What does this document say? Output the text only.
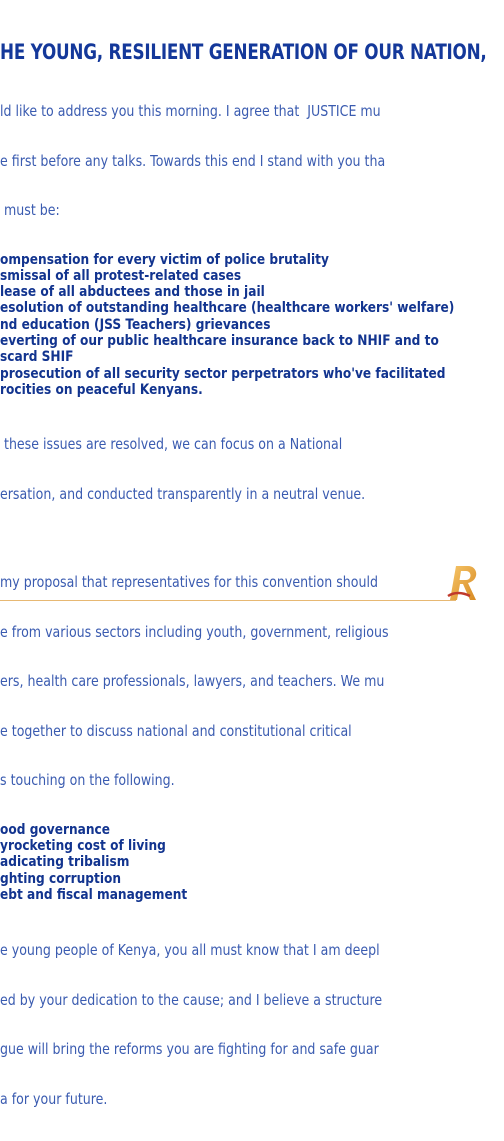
HE YOUNG, RESILIENT GENERATION OF OUR NATION,

ld like to address you this morning. I agree that  JUSTICE mu

e first before any talks. Towards this end I stand with you tha

must be:

ompensation for every victim of police brutality
smissal of all protest-related cases
lease of all abductees and those in jail
esolution of outstanding healthcare (healthcare workers' welfare)
nd education (JSS Teachers) grievances
everting of our public healthcare insurance back to NHIF and to
scard SHIF
prosecution of all security sector perpetrators who've facilitated
rocities on peaceful Kenyans.

these issues are resolved, we can focus on a National

ersation, and conducted transparently in a neutral venue.

my proposal that representatives for this convention should

e from various sectors including youth, government, religious

ers, health care professionals, lawyers, and teachers. We mu

e together to discuss national and constitutional critical

s touching on the following.

ood governance
yrocketing cost of living
adicating tribalism
ghting corruption
ebt and fiscal management

e young people of Kenya, you all must know that I am deepl

ed by your dedication to the cause; and I believe a structure

gue will bring the reforms you are fighting for and safe guar

a for your future.
